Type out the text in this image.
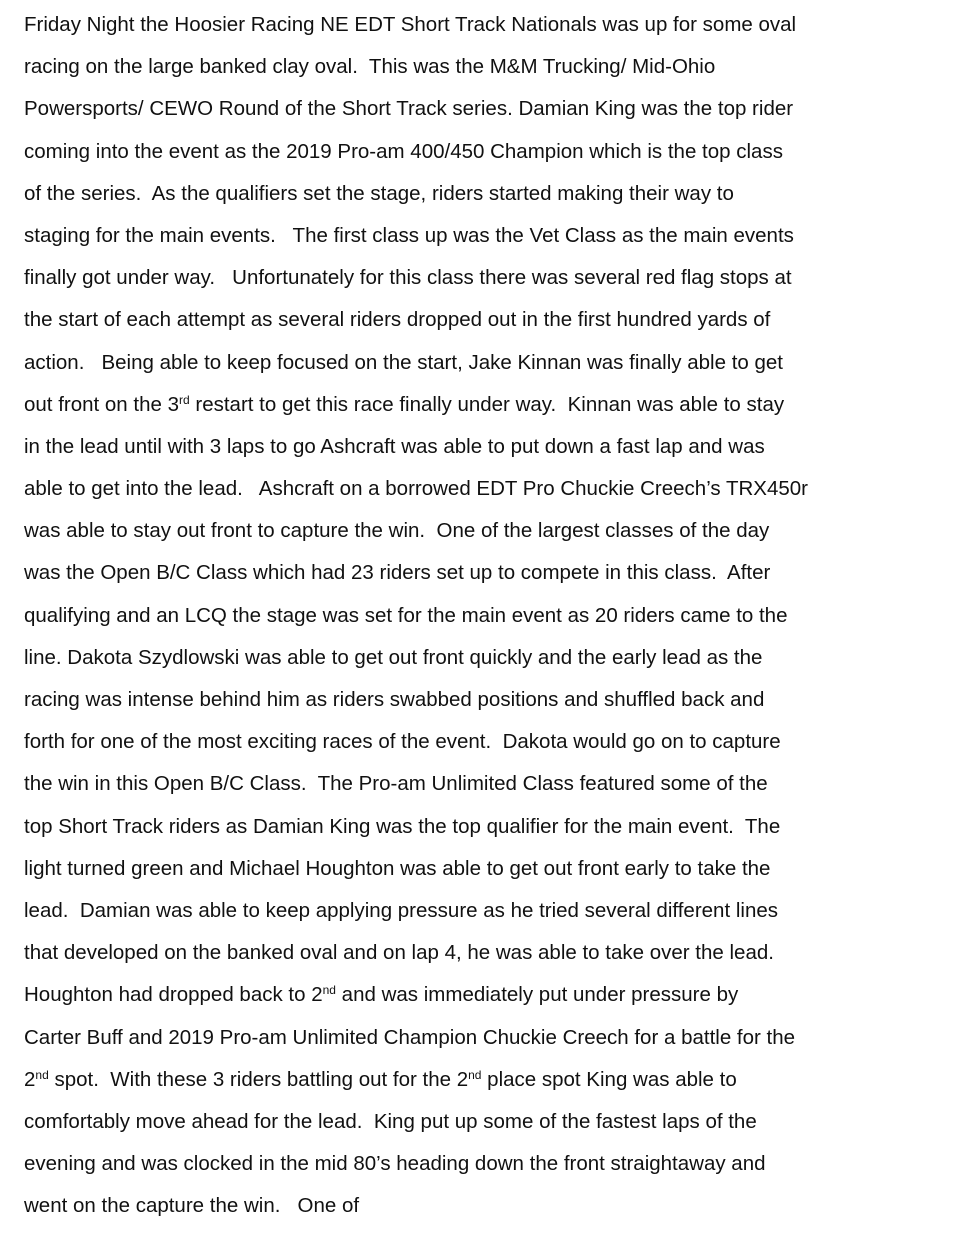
Friday Night the Hoosier Racing NE EDT Short Track Nationals was up for some oval
racing on the large banked clay oval.  This was the M&M Trucking/ Mid-Ohio
Powersports/ CEWO Round of the Short Track series. Damian King was the top rider
coming into the event as the 2019 Pro-am 400/450 Champion which is the top class
of the series.  As the qualifiers set the stage, riders started making their way to
staging for the main events.   The first class up was the Vet Class as the main events
finally got under way.   Unfortunately for this class there was several red flag stops at
the start of each attempt as several riders dropped out in the first hundred yards of
action.   Being able to keep focused on the start, Jake Kinnan was finally able to get
out front on the 3rd restart to get this race finally under way.  Kinnan was able to stay
in the lead until with 3 laps to go Ashcraft was able to put down a fast lap and was
able to get into the lead.   Ashcraft on a borrowed EDT Pro Chuckie Creech’s TRX450r
was able to stay out front to capture the win.  One of the largest classes of the day
was the Open B/C Class which had 23 riders set up to compete in this class.  After
qualifying and an LCQ the stage was set for the main event as 20 riders came to the
line. Dakota Szydlowski was able to get out front quickly and the early lead as the
racing was intense behind him as riders swabbed positions and shuffled back and
forth for one of the most exciting races of the event.  Dakota would go on to capture
the win in this Open B/C Class.  The Pro-am Unlimited Class featured some of the
top Short Track riders as Damian King was the top qualifier for the main event.  The
light turned green and Michael Houghton was able to get out front early to take the
lead.  Damian was able to keep applying pressure as he tried several different lines
that developed on the banked oval and on lap 4, he was able to take over the lead.
Houghton had dropped back to 2nd and was immediately put under pressure by
Carter Buff and 2019 Pro-am Unlimited Champion Chuckie Creech for a battle for the
2nd spot.  With these 3 riders battling out for the 2nd place spot King was able to
comfortably move ahead for the lead.  King put up some of the fastest laps of the
evening and was clocked in the mid 80’s heading down the front straightaway and
went on the capture the win.   One of
